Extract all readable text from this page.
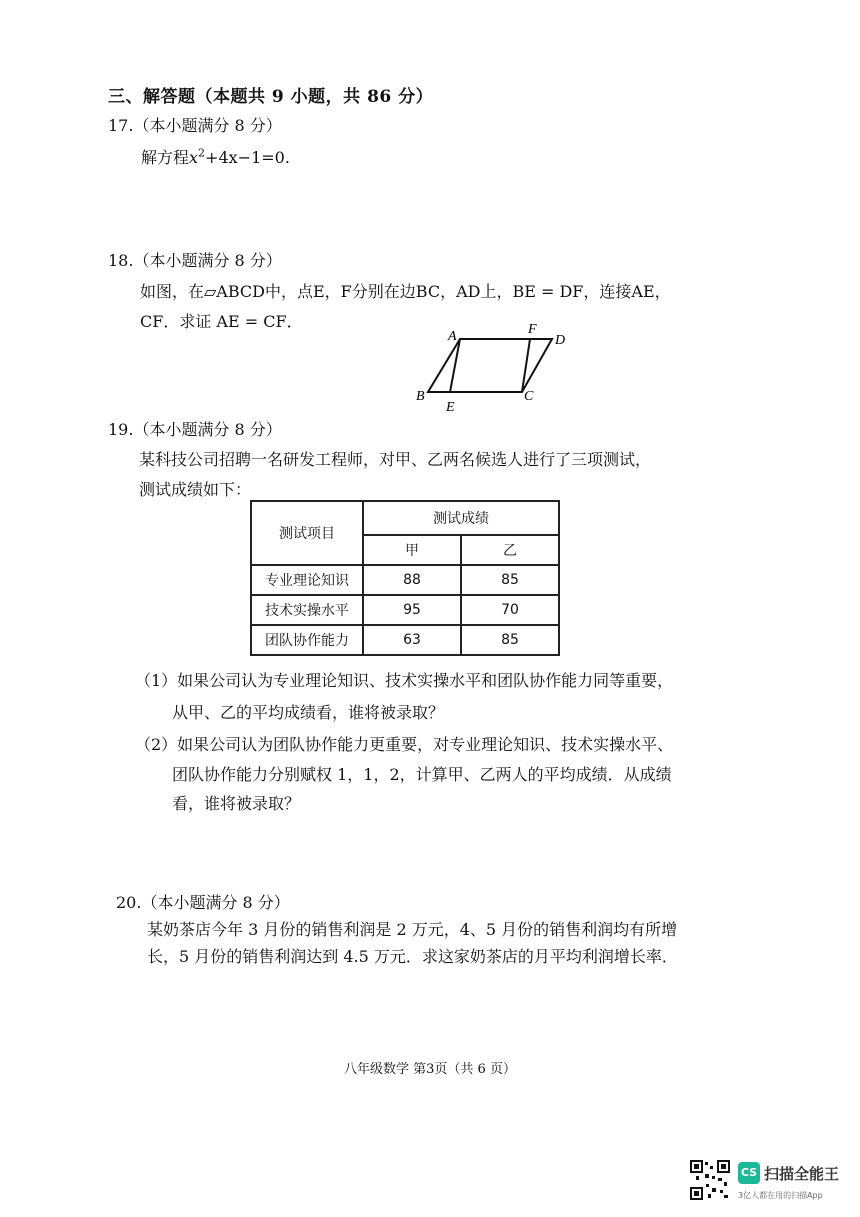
三、解答题（本题共 9 小题，共 86 分）
17.（本小题满分 8 分）
解方程$x^2+4x-1=0$.
18.（本小题满分 8 分）
如图，在▱ABCD中，点E，F分别在边BC，AD上，BE = DF，连接AE，
CF．求证 AE = CF．
A	F
D
B
E
C
19.（本小题满分 8 分）
某科技公司招聘一名研发工程师，对甲、乙两名候选人进行了三项测试，
测试成绩如下：
测试项目	测试成绩	
	甲	乙
专业理论知识	88	85
技术实操水平	95	70
团队协作能力	63	85
（1）如果公司认为专业理论知识、技术实操水平和团队协作能力同等重要，
从甲、乙的平均成绩看，谁将被录取？
（2）如果公司认为团队协作能力更重要，对专业理论知识、技术实操水平、
团队协作能力分别赋权 1，1，2，计算甲、乙两人的平均成绩．从成绩
看，谁将被录取？
20.（本小题满分 8 分）
某奶茶店今年 3 月份的销售利润是 2 万元，4、5 月份的销售利润均有所增
长，5 月份的销售利润达到 4.5 万元．求这家奶茶店的月平均利润增长率．
八年级数学 第3页（共 6 页）
CS 扫描全能王
3亿人都在用的扫描App
